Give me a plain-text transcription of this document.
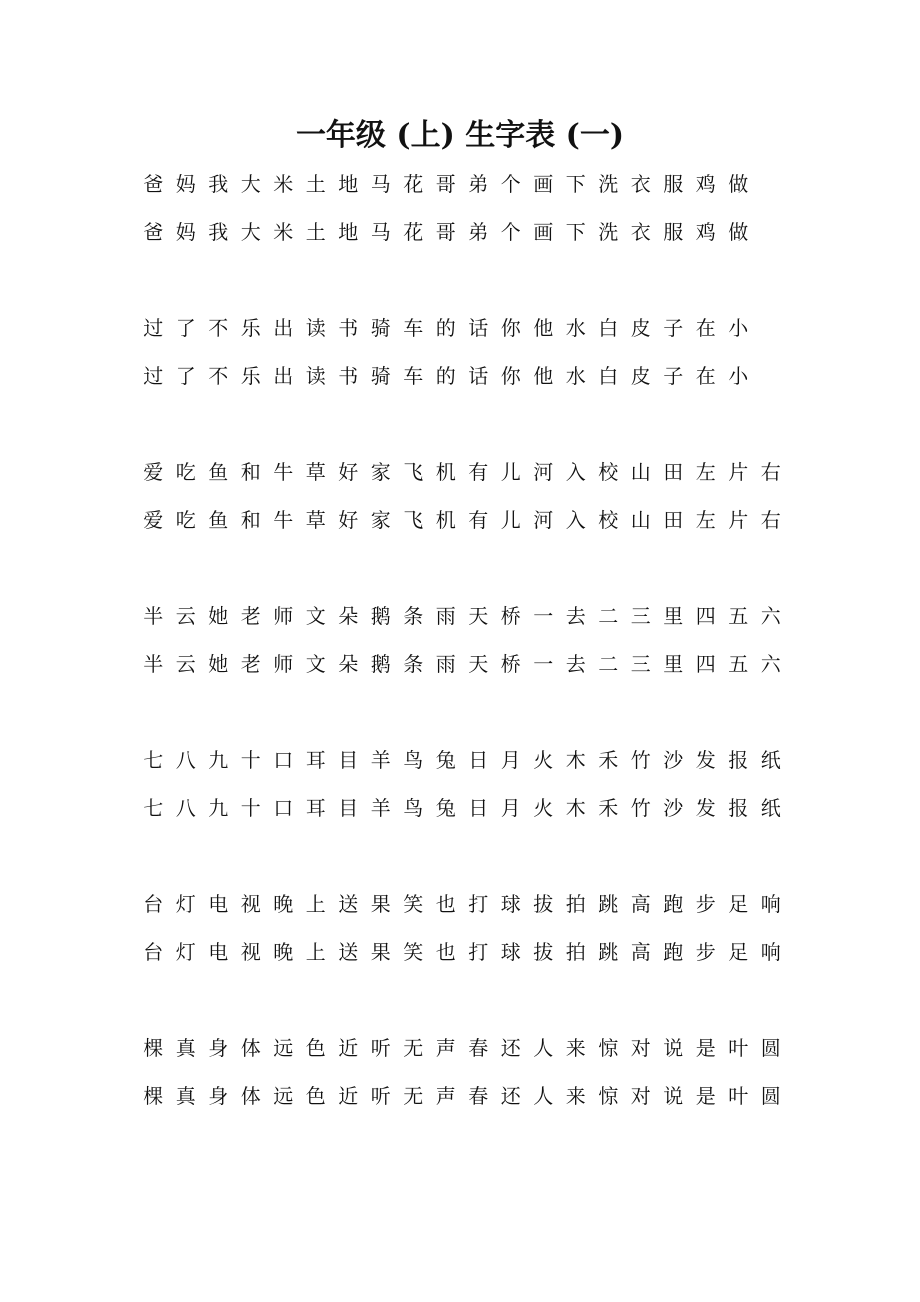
一年级 (上) 生字表 (一)
爸 妈 我 大 米 土 地 马 花 哥 弟 个 画 下 洗 衣 服 鸡 做
爸 妈 我 大 米 土 地 马 花 哥 弟 个 画 下 洗 衣 服 鸡 做
过 了 不 乐 出 读 书 骑 车 的 话 你 他 水 白 皮 子 在 小
过 了 不 乐 出 读 书 骑 车 的 话 你 他 水 白 皮 子 在 小
爱 吃 鱼 和 牛 草 好 家 飞 机 有 儿 河 入 校 山 田 左 片 右
爱 吃 鱼 和 牛 草 好 家 飞 机 有 儿 河 入 校 山 田 左 片 右
半 云 她 老 师 文 朵 鹅 条 雨 天 桥 一 去 二 三 里 四 五 六
半 云 她 老 师 文 朵 鹅 条 雨 天 桥 一 去 二 三 里 四 五 六
七 八 九 十 口 耳 目 羊 鸟 兔 日 月 火 木 禾 竹 沙 发 报 纸
七 八 九 十 口 耳 目 羊 鸟 兔 日 月 火 木 禾 竹 沙 发 报 纸
台 灯 电 视 晚 上 送 果 笑 也 打 球 拔 拍 跳 高 跑 步 足 响
台 灯 电 视 晚 上 送 果 笑 也 打 球 拔 拍 跳 高 跑 步 足 响
棵 真 身 体 远 色 近 听 无 声 春 还 人 来 惊 对 说 是 叶 圆
棵 真 身 体 远 色 近 听 无 声 春 还 人 来 惊 对 说 是 叶 圆
